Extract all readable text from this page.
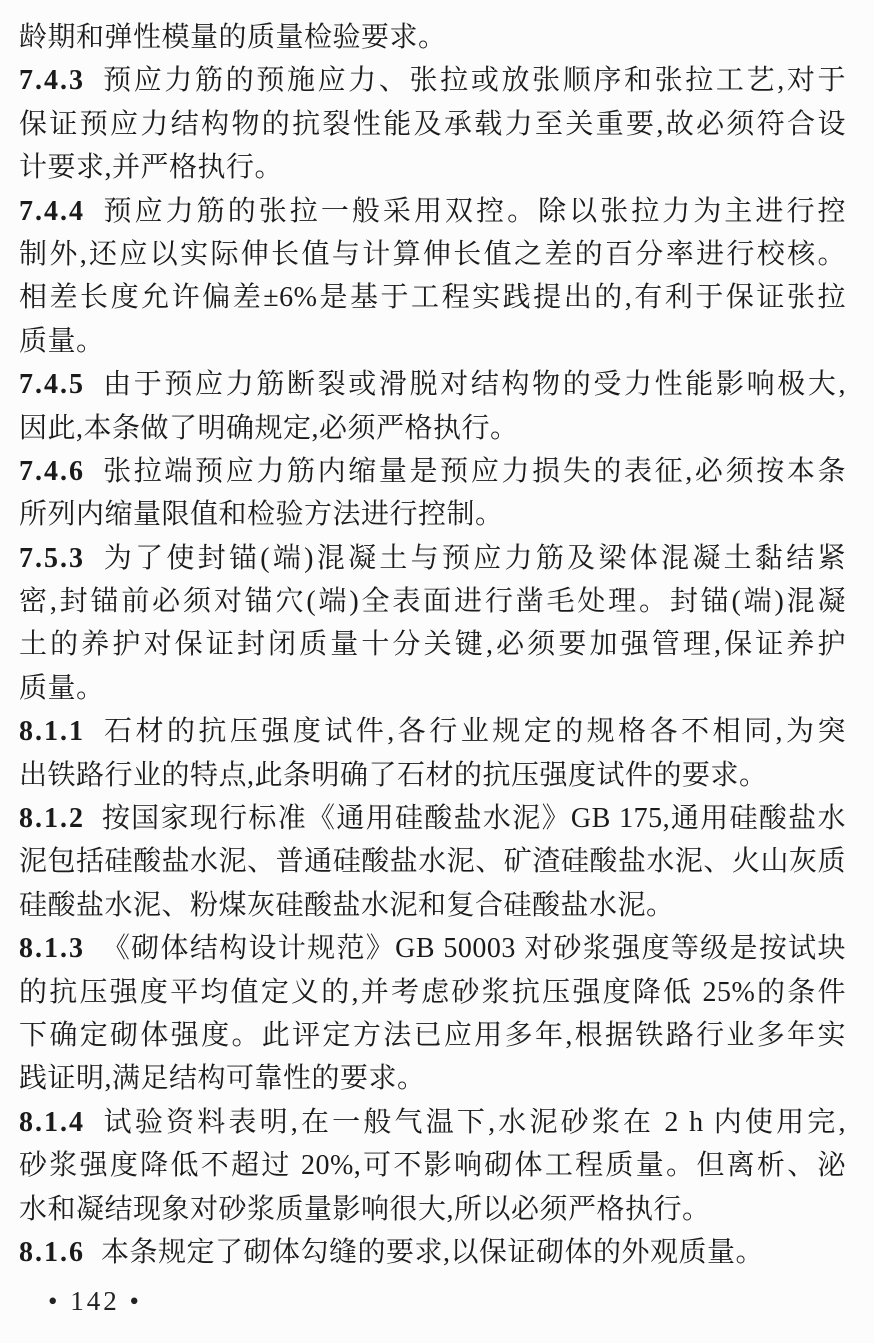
龄期和弹性模量的质量检验要求。
7.4.3 预应力筋的预施应力、张拉或放张顺序和张拉工艺,对于
保证预应力结构物的抗裂性能及承载力至关重要,故必须符合设
计要求,并严格执行。
7.4.4 预应力筋的张拉一般采用双控。除以张拉力为主进行控
制外,还应以实际伸长值与计算伸长值之差的百分率进行校核。
相差长度允许偏差±6%是基于工程实践提出的,有利于保证张拉
质量。
7.4.5 由于预应力筋断裂或滑脱对结构物的受力性能影响极大,
因此,本条做了明确规定,必须严格执行。
7.4.6 张拉端预应力筋内缩量是预应力损失的表征,必须按本条
所列内缩量限值和检验方法进行控制。
7.5.3 为了使封锚(端)混凝土与预应力筋及梁体混凝土黏结紧
密,封锚前必须对锚穴(端)全表面进行凿毛处理。封锚(端)混凝
土的养护对保证封闭质量十分关键,必须要加强管理,保证养护
质量。
8.1.1 石材的抗压强度试件,各行业规定的规格各不相同,为突
出铁路行业的特点,此条明确了石材的抗压强度试件的要求。
8.1.2 按国家现行标准《通用硅酸盐水泥》GB 175,通用硅酸盐水
泥包括硅酸盐水泥、普通硅酸盐水泥、矿渣硅酸盐水泥、火山灰质
硅酸盐水泥、粉煤灰硅酸盐水泥和复合硅酸盐水泥。
8.1.3 《砌体结构设计规范》GB 50003 对砂浆强度等级是按试块
的抗压强度平均值定义的,并考虑砂浆抗压强度降低 25%的条件
下确定砌体强度。此评定方法已应用多年,根据铁路行业多年实
践证明,满足结构可靠性的要求。
8.1.4 试验资料表明,在一般气温下,水泥砂浆在 2 h 内使用完,
砂浆强度降低不超过 20%,可不影响砌体工程质量。但离析、泌
水和凝结现象对砂浆质量影响很大,所以必须严格执行。
8.1.6 本条规定了砌体勾缝的要求,以保证砌体的外观质量。
• 142 •
